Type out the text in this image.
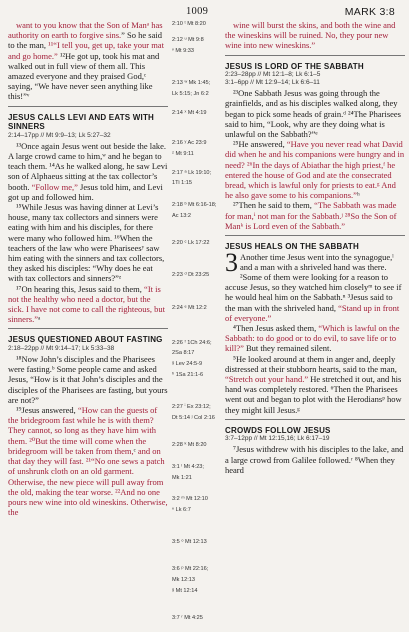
1009	MARK 3:8

want to you know that the Son of Manᵃ has authority on earth to forgive sins.” So he said to the man, ¹¹“I tell you, get up, take your mat and go home.” ¹²He got up, took his mat and walked out in full view of them all. This amazed everyone and they praised God,ᶜ saying, “We have never seen anything like this!”ᵛ

JESUS CALLS LEVI AND EATS WITH SINNERS
2:14–17pp // Mt 9:9–13; Lk 5:27–32

¹³Once again Jesus went out beside the lake. A large crowd came to him,ʷ and he began to teach them. ¹⁴As he walked along, he saw Levi son of Alphaeus sitting at the tax collector’s booth. “Follow me,” Jesus told him, and Levi got up and followed him.

¹⁵While Jesus was having dinner at Levi’s house, many tax collectors and sinners were eating with him and his disciples, for there were many who followed him. ¹⁶When the teachers of the law who were Phariseesʸ saw him eating with the sinners and tax collectors, they asked his disciples: “Why does he eat with tax collectors and sinners?”ᶻ

¹⁷On hearing this, Jesus said to them, “It is not the healthy who need a doctor, but the sick. I have not come to call the righteous, but sinners.”ᵃ

JESUS QUESTIONED ABOUT FASTING
2:18–22pp // Mt 9:14–17; Lk 5:33–38

¹⁸Now John’s disciples and the Pharisees were fasting.ᵇ Some people came and asked Jesus, “How is it that John’s disciples and the disciples of the Pharisees are fasting, but yours are not?”

¹⁹Jesus answered, “How can the guests of the bridegroom fast while he is with them? They cannot, so long as they have him with them. ²⁰But the time will come when the bridegroom will be taken from them,ᶜ and on that day they will fast. ²¹“No one sews a patch of unshrunk cloth on an old garment. Otherwise, the new piece will pull away from the old, making the tear worse. ²²And no one pours new wine into old wineskins. Otherwise, the

2:10 ᵗ Mt 8:20
2:12 ᵘ Mt 9:8
ᵛ Mt 9:33
2:13 ʷ Mk 1:45;
Lk 5:15; Jn 6:2
2:14 ˣ Mt 4:19
2:16 ʸ Ac 23:9
ᶻ Mt 9:11
2:17 ᵃ Lk 19:10;
1Ti 1:15
2:18 ᵇ Mt 6:16-18;
Ac 13:2
2:20 ᶜ Lk 17:22
2:23 ᵈ Dt 23:25
2:24 ᵉ Mt 12:2
2:26 ᶠ 1Ch 24:6;
2Sa 8:17
ᵍ Lev 24:5-9
ʰ 1Sa 21:1-6
2:27 ⁱ Ex 23:12;
Dt 5:14 ʲ Col 2:16
2:28 ᵏ Mt 8:20
3:1 ˡ Mt 4:23;
Mk 1:21
3:2 ᵐ Mt 12:10
ⁿ Lk 6:7
3:5 ᵒ Mt 12:13
3:6 ᵖ Mt 22:16;
Mk 12:13
ᵍ Mt 12:14
3:7 ʳ Mt 4:25

wine will burst the skins, and both the wine and the wineskins will be ruined. No, they pour new wine into new wineskins.”

JESUS IS LORD OF THE SABBATH
2:23–28pp // Mt 12:1–8; Lk 6:1–5
3:1–6pp // Mt 12:9–14; Lk 6:6–11

²³One Sabbath Jesus was going through the grainfields, and as his disciples walked along, they began to pick some heads of grain.ᵈ ²⁴The Pharisees said to him, “Look, why are they doing what is unlawful on the Sabbath?”ᵉ

²⁵He answered, “Have you never read what David did when he and his companions were hungry and in need? ²⁶In the days of Abiathar the high priest,ᶠ he entered the house of God and ate the consecrated bread, which is lawful only for priests to eat.ᵍ And he also gave some to his companions.”ʰ

²⁷Then he said to them, “The Sabbath was made for man,ⁱ not man for the Sabbath.ʲ ²⁸So the Son of Manᵏ is Lord even of the Sabbath.”

JESUS HEALS ON THE SABBATH

3 Another time Jesus went into the synagogue,ˡ and a man with a shriveled hand was there. ²Some of them were looking for a reason to accuse Jesus, so they watched him closelyᵐ to see if he would heal him on the Sabbath.ⁿ ³Jesus said to the man with the shriveled hand, “Stand up in front of everyone.”

⁴Then Jesus asked them, “Which is lawful on the Sabbath: to do good or to do evil, to save life or to kill?” But they remained silent.

⁵He looked around at them in anger and, deeply distressed at their stubborn hearts, said to the man, “Stretch out your hand.” He stretched it out, and his hand was completely restored. ⁶Then the Pharisees went out and began to plot with the Herodiansᵖ how they might kill Jesus.ᵍ

CROWDS FOLLOW JESUS
3:7–12pp // Mt 12:15,16; Lk 6:17–19

⁷Jesus withdrew with his disciples to the lake, and a large crowd from Galilee followed.ʳ ⁸When they heard
